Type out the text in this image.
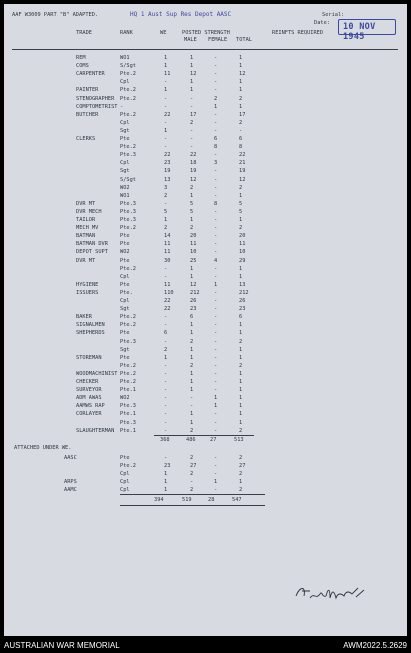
AAF W3009 PART "B" ADAPTED.	HQ 1 Aust Sup Res Depot AASC	Serial:
Date: 10 NOV 1945
TRADE	RANK	WE	POSTED STRENGTH
MALE FEMALE TOTAL
REINFTS REQUIRED
REM	WO1	1	1	-	1
COMS	S/Sgt	1	1	-	1
CARPENTER	Pte.2	11	12	-	12
Cpl	-	1	-	1
PAINTER	Pte.2	1	1	-	1
STENOGRAPHER Pte.2	-	-	2	2
COMPTOMETRIST -	-	-	1	1
BUTCHER	Pte.2	22	17	-	17
Cpl	-	2	-	2
Sgt	1	-	-	-
CLERKS	Pte	-	-	6	6
Pte.2	-	-	8	8
Pte.3	22	22	-	22
Cpl	23	18	3	21
Sgt	19	19	-	19
S/Sgt	13	12	-	12
WO2	3	2	-	2
WO1	2	1	-	1
DVR MT	Pte.3	-	5	8	5
DVR MECH	Pte.3	5	5	-	5
TAILOR	Pte.3	1	1	-	1
MECH MV	Pte.2	2	2	-	2
BATMAN	Pte	14	20	-	20
BATMAN DVR Pte	11	11	-	11
DEPOT SUPT WO2	11	10	-	10
DVR MT	Pte	30	25	4	29
Pte.2	-	1	-	1
Cpl	-	1	-	1
HYGIENE	Pte	11	12	1	13
ISSUERS	Pte.	110	212	-	212
Cpl	22	26	-	26
Sgt	22	23	-	23
BAKER	Pte.2	-	6	-	6
SIGNALMEN	Pte.2	-	1	-	1
SHEPHERDS	Pte	6	1	-	1
Pte.3	-	2	-	2
Sgt	2	1	-	1
STOREMAN	Pte	1	1	-	1
Pte.2	-	2	-	2
WOODMACHINIST Pte.2	-	1	-	1
CHECKER	Pte.2	-	1	-	1
SURVEYOR	Pte.1	-	1	-	1
ADM AWAS	WO2	-	-	1	1
AAMWS RAP	Pte.3	-	-	1	1
CORLAYER	Pte.1	-	1	-	1
Pte.3	-	1	-	1
SLAUGHTERMAN Pte.1	-	2	-	2
368	486	27	513
ATTACHED UNDER WE.
AASC	Pte	-	2	-	2
Pte.2	23	27	-	27
Cpl	1	2	-	2
ARPS	Cpl	1	-	1	1
AAMC	Cpl	1	2	-	2
394	519	28	547
AUSTRALIAN WAR MEMORIAL	AWM2022.5.2629
